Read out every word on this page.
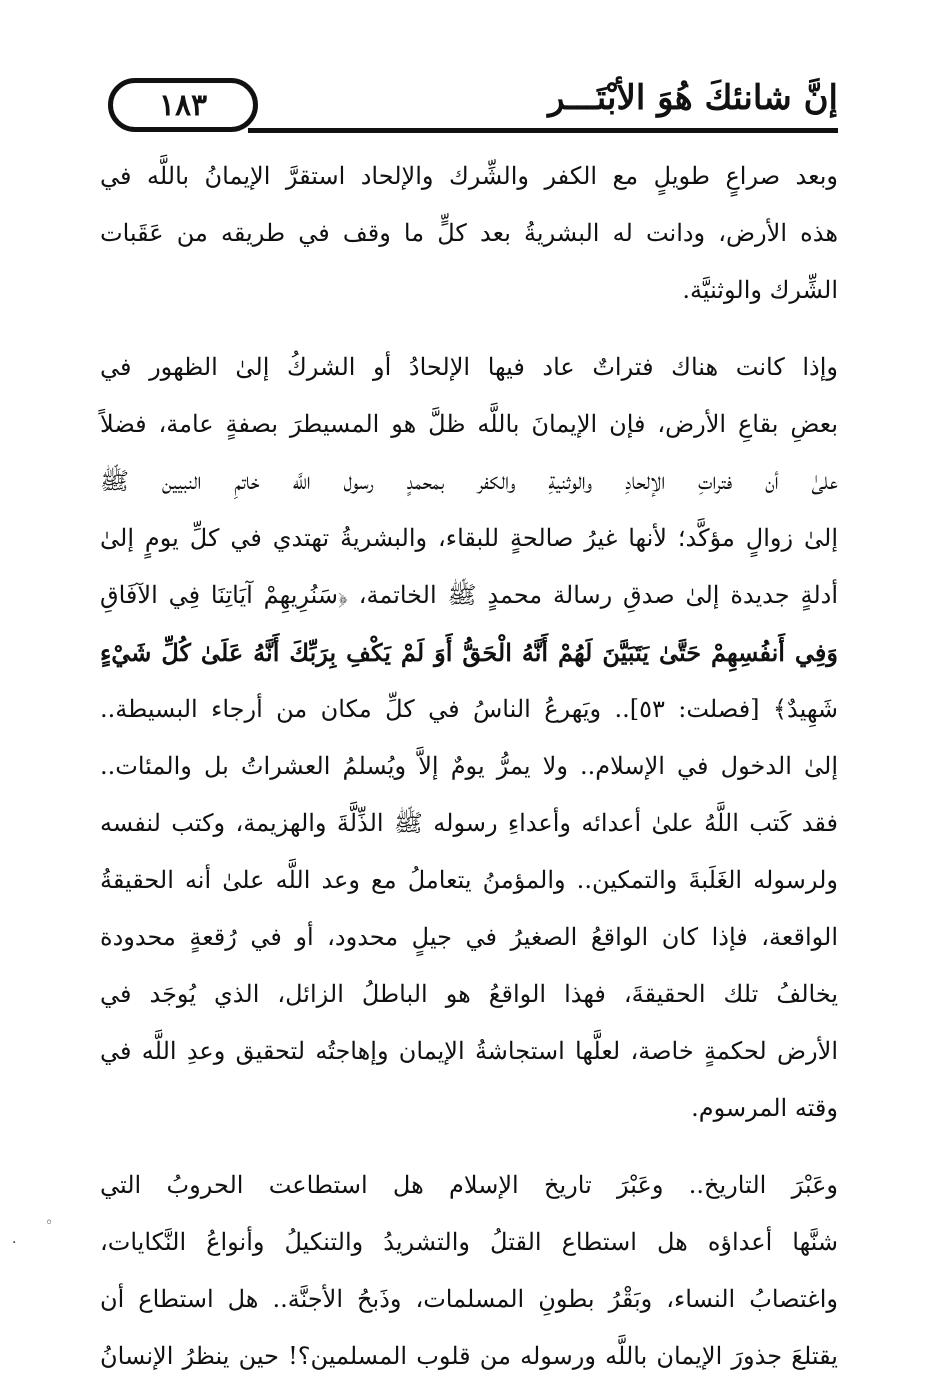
١٨٣	إنَّ شانئكَ هُوَ الأبْتَـــر
وبعد صراعٍ طويلٍ مع الكفر والشِّرك والإلحاد استقرَّ الإيمانُ باللَّه في
هذه الأرض، ودانت له البشريةُ بعد كلٍّ ما وقف في طريقه من عَقَبات
الشِّرك والوثنيَّة.
وإذا كانت هناك فتراتٌ عاد فيها الإلحادُ أو الشركُ إلىٰ الظهور في
بعضِ بقاعِ الأرض، فإن الإيمانَ باللَّه ظلَّ هو المسيطرَ بصفةٍ عامة، فضلاً
علىٰ أن فتراتِ الإلحادِ والوثنيةِ والكفر بمحمدٍ رسول اللَّه خاتمِ النبيين ﷺ
إلىٰ زوالٍ مؤكَّد؛ لأنها غيرُ صالحةٍ للبقاء، والبشريةُ تهتدي في كلِّ يومٍ إلىٰ
أدلةٍ جديدة إلىٰ صدقِ رسالة محمدٍ ﷺ الخاتمة، ﴿سَنُرِيهِمْ آيَاتِنَا فِي الآفَاقِ
وَفِي أَنفُسِهِمْ حَتَّىٰ يَتَبَيَّنَ لَهُمْ أَنَّهُ الْحَقُّ أَوَ لَمْ يَكْفِ بِرَبِّكَ أَنَّهُ عَلَىٰ كُلِّ شَيْءٍ
شَهِيدٌ﴾ [فصلت: ٥٣].. ويَهرعُ الناسُ في كلِّ مكان من أرجاء البسيطة..
إلىٰ الدخول في الإسلام.. ولا يمرُّ يومٌ إلاَّ ويُسلمُ العشراتُ بل والمئات..
فقد كَتب اللَّهُ علىٰ أعدائه وأعداءِ رسوله ﷺ الذِّلَّةَ والهزيمة، وكتب لنفسه
ولرسوله الغَلَبةَ والتمكين.. والمؤمنُ يتعاملُ مع وعد اللَّه علىٰ أنه الحقيقةُ
الواقعة، فإذا كان الواقعُ الصغيرُ في جيلٍ محدود، أو في رُقعةٍ محدودة
يخالفُ تلك الحقيقةَ، فهذا الواقعُ هو الباطلُ الزائل، الذي يُوجَد في
الأرض لحكمةٍ خاصة، لعلَّها استجاشةُ الإيمان وإهاجتُه لتحقيق وعدِ اللَّه في
وقته المرسوم.
وعَبْرَ التاريخ.. وعَبْرَ تاريخ الإسلام هل استطاعت الحروبُ التي
شنَّها أعداؤه هل استطاع القتلُ والتشريدُ والتنكيلُ وأنواعُ النَّكايات،
واغتصابُ النساء، وبَقْرُ بطونِ المسلمات، وذَبحُ الأجنَّة.. هل استطاع أن
يقتلعَ جذورَ الإيمان باللَّه ورسوله من قلوب المسلمين؟! حين ينظرُ الإنسانُ
◦
·
